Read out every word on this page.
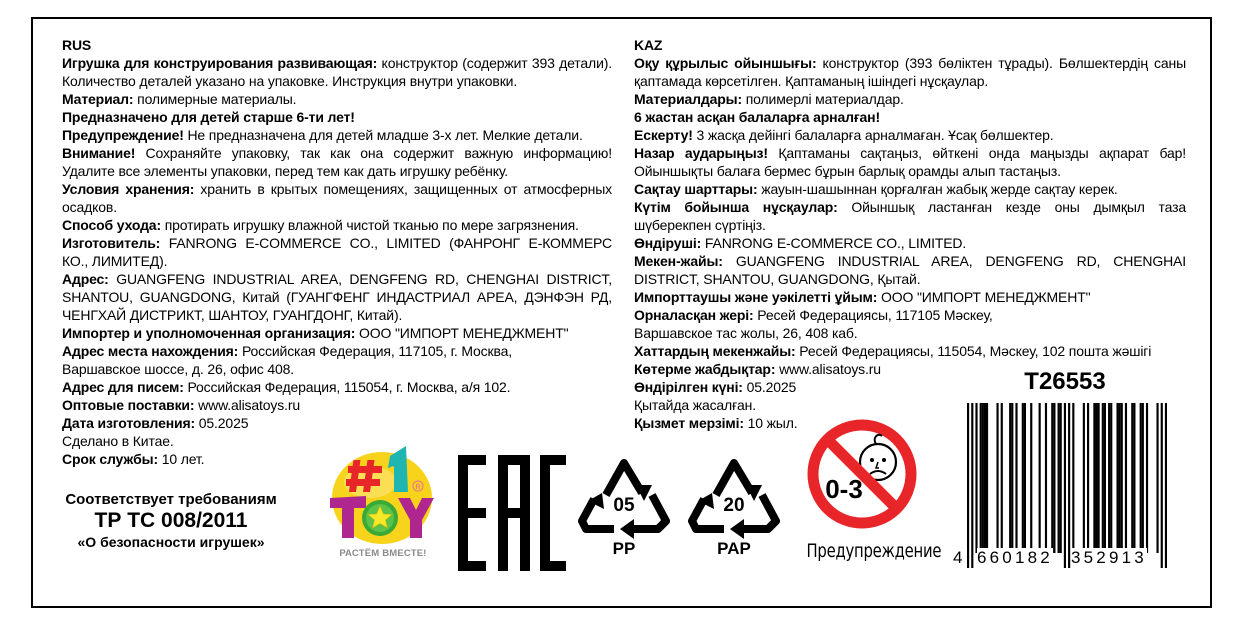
RUS

Игрушка для конструирования развивающая: конструктор (содержит 393 детали). Количество деталей указано на упаковке. Инструкция внутри упаковки.

Материал: полимерные материалы.

Предназначено для детей старше 6-ти лет!

Предупреждение! Не предназначена для детей младше 3-х лет. Мелкие детали.

Внимание! Сохраняйте упаковку, так как она содержит важную информацию! Удалите все элементы упаковки, перед тем как дать игрушку ребёнку.

Условия хранения: хранить в крытых помещениях, защищенных от атмосферных осадков.

Способ ухода: протирать игрушку влажной чистой тканью по мере загрязнения.

Изготовитель: FANRONG E-COMMERCE CO., LIMITED (ФАНРОНГ Е-КОММЕРС КО., ЛИМИТЕД).

Адрес: GUANGFENG INDUSTRIAL AREA, DENGFENG RD, CHENGHAI DISTRICT, SHANTOU, GUANGDONG, Китай (ГУАНГФЕНГ ИНДАСТРИАЛ АРЕА, ДЭНФЭН РД, ЧЕНГХАЙ ДИСТРИКТ, ШАНТОУ, ГУАНГДОНГ, Китай).

Импортер и уполномоченная организация: ООО "ИМПОРТ МЕНЕДЖМЕНТ"

Адрес места нахождения: Российская Федерация, 117105, г. Москва,

Варшавское шоссе, д. 26, офис 408.

Адрес для писем: Российская Федерация, 115054, г. Москва, а/я 102.

Оптовые поставки: www.alisatoys.ru

Дата изготовления: 05.2025

Сделано в Китае.

Срок службы: 10 лет.

KAZ

Оқу құрылыс ойыншығы: конструктор (393 бөліктен тұрады). Бөлшектердің саны қаптамада көрсетілген. Қаптаманың ішіндегі нұсқаулар.

Материалдары: полимерлі материалдар.

6 жастан асқан балаларға арналған!

Ескерту! 3 жасқа дейінгі балаларға арналмаған. Ұсақ бөлшектер.

Назар аударыңыз! Қаптаманы сақтаңыз, өйткені онда маңызды ақпарат бар! Ойыншықты балаға бермес бұрын барлық орамды алып тастаңыз.

Сақтау шарттары: жауын-шашыннан қорғалған жабық жерде сақтау керек.

Күтім бойынша нұсқаулар: Ойыншық ластанған кезде оны дымқыл таза шүберекпен сүртіңіз.

Өндіруші: FANRONG E-COMMERCE CO., LIMITED.

Мекен-жайы: GUANGFENG INDUSTRIAL AREA, DENGFENG RD, CHENGHAI DISTRICT, SHANTOU, GUANGDONG, Қытай.

Импорттаушы және уәкілетті ұйым: ООО "ИМПОРТ МЕНЕДЖМЕНТ"

Орналасқан жері: Ресей Федерациясы, 117105 Мәскеу,

Варшавское тас жолы, 26, 408 каб.

Хаттардың мекенжайы: Ресей Федерациясы, 115054, Мәскеу, 102 пошта жәшігі

Көтерме жабдықтар: www.alisatoys.ru

Өндірілген күні: 05.2025

Қытайда жасалған.

Қызмет мерзімі: 10 жыл.

Соответствует требованиям
ТР ТС 008/2011
«О безопасности игрушек»
R
РАСТЁМ ВМЕСТЕ!
05
PP
20
PAP
0-3
Предупреждение
T26553
4 660182 352913
